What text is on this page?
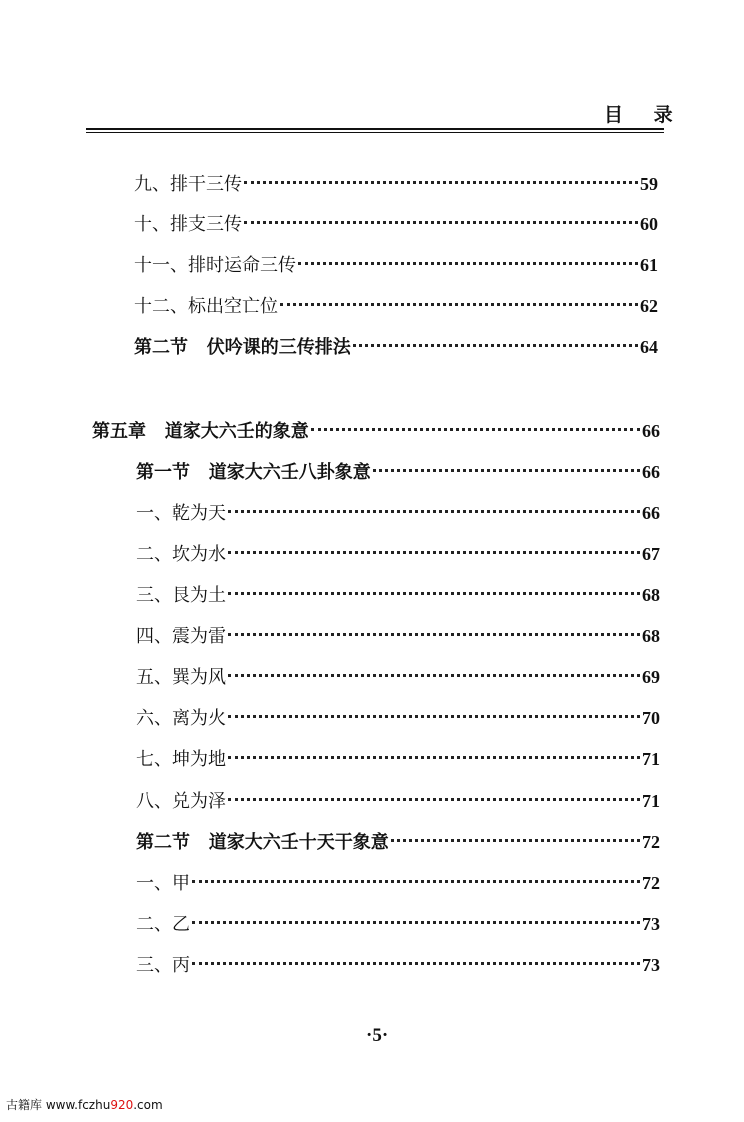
目 录
九、排干三传	59
十、排支三传	60
十一、排时运命三传	61
十二、标出空亡位	62
第二节   伏吟课的三传排法	64
第五章   道家大六壬的象意	66
第一节   道家大六壬八卦象意	66
一、乾为天	66
二、坎为水	67
三、艮为土	68
四、震为雷	68
五、巽为风	69
六、离为火	70
七、坤为地	71
八、兑为泽	71
第二节   道家大六壬十天干象意	72
一、甲	72
二、乙	73
三、丙	73
·5·
古籍库 www.fczhu920.com
